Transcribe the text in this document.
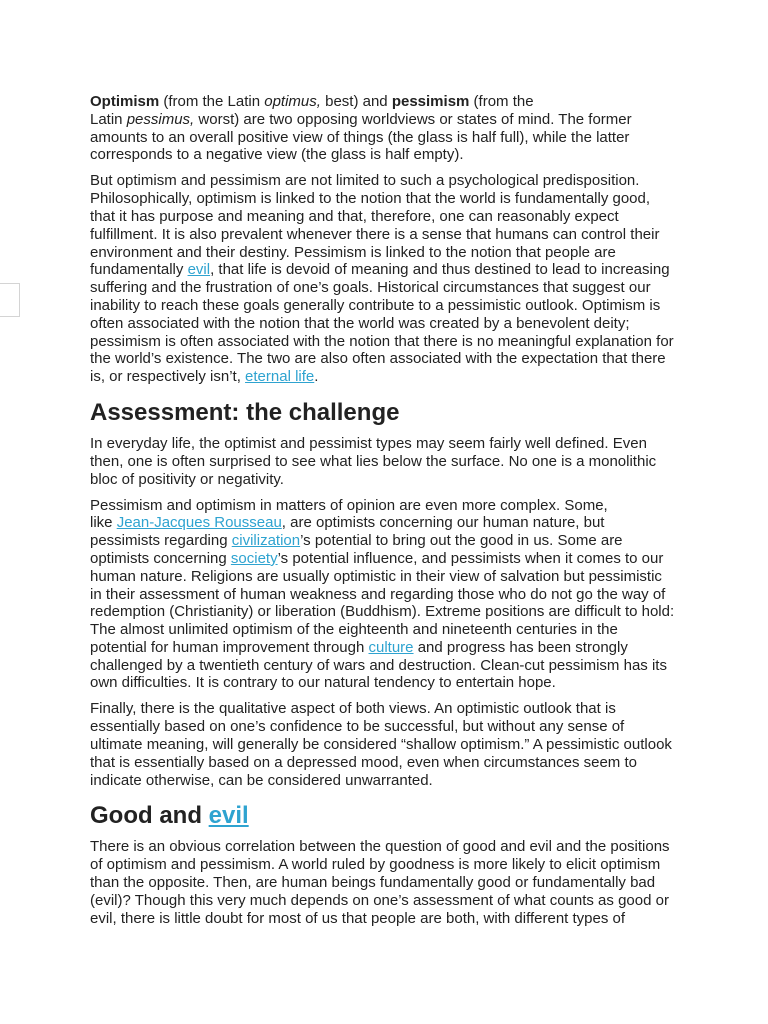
Optimism (from the Latin optimus, best) and pessimism (from the
Latin pessimus, worst) are two opposing worldviews or states of mind. The former
amounts to an overall positive view of things (the glass is half full), while the latter
corresponds to a negative view (the glass is half empty).
But optimism and pessimism are not limited to such a psychological predisposition.
Philosophically, optimism is linked to the notion that the world is fundamentally good,
that it has purpose and meaning and that, therefore, one can reasonably expect
fulfillment. It is also prevalent whenever there is a sense that humans can control their
environment and their destiny. Pessimism is linked to the notion that people are
fundamentally evil, that life is devoid of meaning and thus destined to lead to increasing
suffering and the frustration of one’s goals. Historical circumstances that suggest our
inability to reach these goals generally contribute to a pessimistic outlook. Optimism is
often associated with the notion that the world was created by a benevolent deity;
pessimism is often associated with the notion that there is no meaningful explanation for
the world’s existence. The two are also often associated with the expectation that there
is, or respectively isn’t, eternal life.
Assessment: the challenge
In everyday life, the optimist and pessimist types may seem fairly well defined. Even
then, one is often surprised to see what lies below the surface. No one is a monolithic
bloc of positivity or negativity.
Pessimism and optimism in matters of opinion are even more complex. Some,
like Jean-Jacques Rousseau, are optimists concerning our human nature, but
pessimists regarding civilization’s potential to bring out the good in us. Some are
optimists concerning society’s potential influence, and pessimists when it comes to our
human nature. Religions are usually optimistic in their view of salvation but pessimistic
in their assessment of human weakness and regarding those who do not go the way of
redemption (Christianity) or liberation (Buddhism). Extreme positions are difficult to hold:
The almost unlimited optimism of the eighteenth and nineteenth centuries in the
potential for human improvement through culture and progress has been strongly
challenged by a twentieth century of wars and destruction. Clean-cut pessimism has its
own difficulties. It is contrary to our natural tendency to entertain hope.
Finally, there is the qualitative aspect of both views. An optimistic outlook that is
essentially based on one’s confidence to be successful, but without any sense of
ultimate meaning, will generally be considered “shallow optimism.” A pessimistic outlook
that is essentially based on a depressed mood, even when circumstances seem to
indicate otherwise, can be considered unwarranted.
Good and evil
There is an obvious correlation between the question of good and evil and the positions
of optimism and pessimism. A world ruled by goodness is more likely to elicit optimism
than the opposite. Then, are human beings fundamentally good or fundamentally bad
(evil)? Though this very much depends on one’s assessment of what counts as good or
evil, there is little doubt for most of us that people are both, with different types of
